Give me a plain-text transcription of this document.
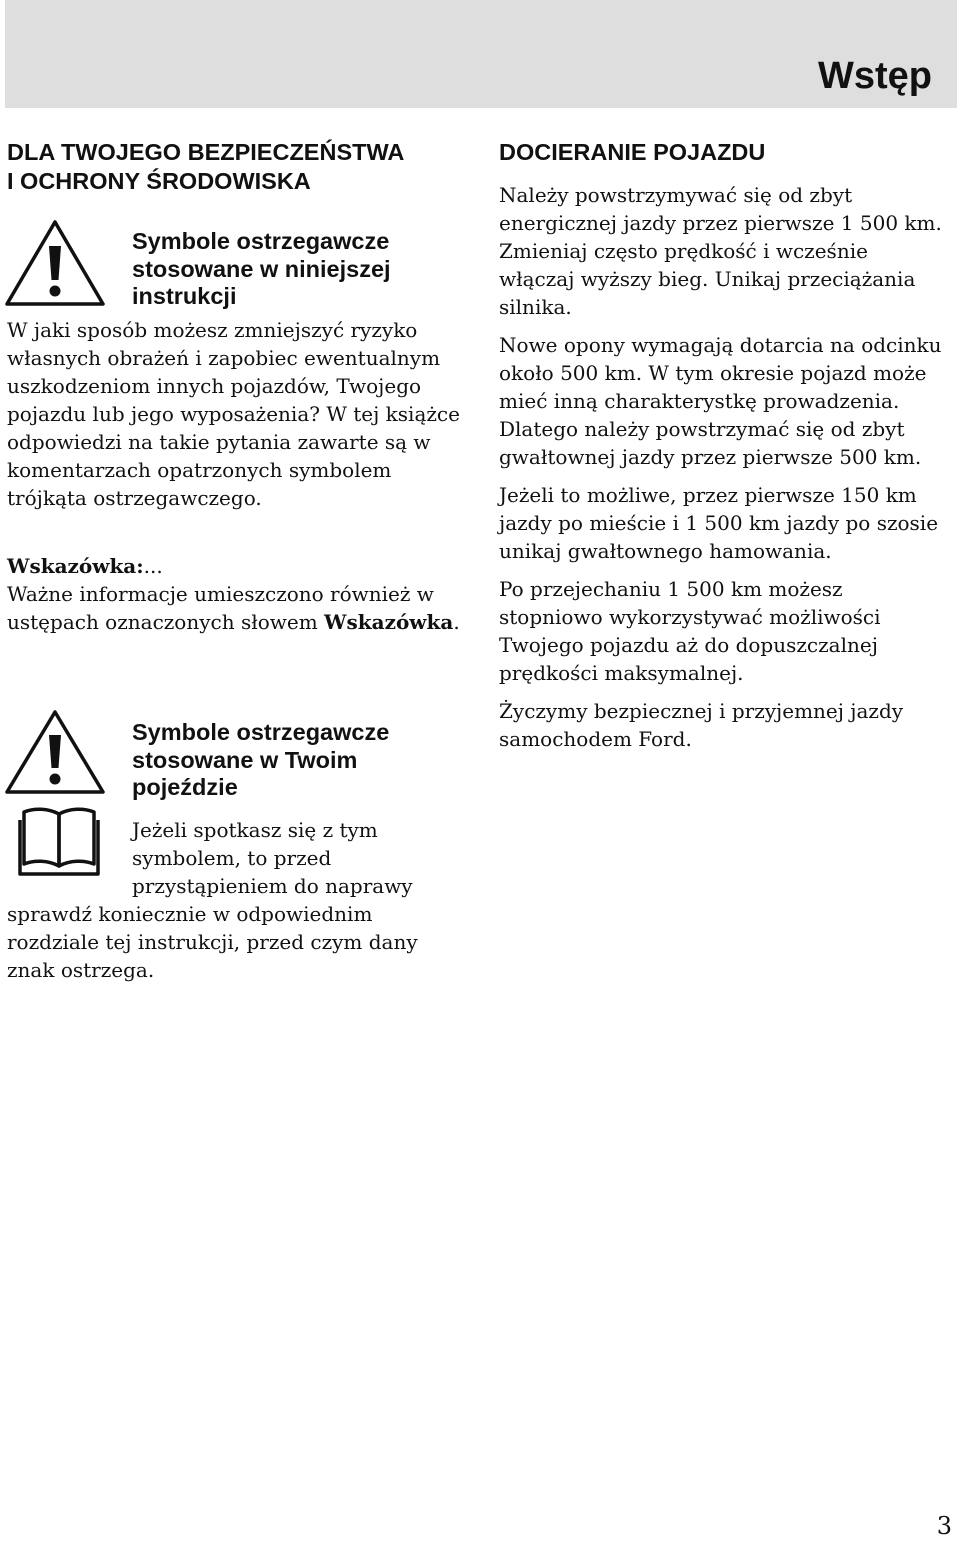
Wstęp
DLA TWOJEGO BEZPIECZEŃSTWA
I OCHRONY ŚRODOWISKA
Symbole ostrzegawcze
stosowane w niniejszej
instrukcji
W jaki sposób możesz zmniejszyć ryzyko własnych obrażeń i zapobiec ewentualnym uszkodzeniom innych pojazdów, Twojego pojazdu lub jego wyposażenia? W tej książce odpowiedzi na takie pytania zawarte są w komentarzach opatrzonych symbolem trójkąta ostrzegawczego.
Wskazówka:...
Ważne informacje umieszczono również w ustępach oznaczonych słowem Wskazówka.
Symbole ostrzegawcze
stosowane w Twoim
pojeździe
Jeżeli spotkasz się z tym
symbolem, to przed
przystąpieniem do naprawy
sprawdź koniecznie w odpowiednim rozdziale tej instrukcji, przed czym dany znak ostrzega.
DOCIERANIE POJAZDU

Należy powstrzymywać się od zbyt energicznej jazdy przez pierwsze 1 500 km. Zmieniaj często prędkość i wcześnie włączaj wyższy bieg. Unikaj przeciążania silnika.

Nowe opony wymagają dotarcia na odcinku około 500 km. W tym okresie pojazd może mieć inną charakterystkę prowadzenia. Dlatego należy powstrzymać się od zbyt gwałtownej jazdy przez pierwsze 500 km.

Jeżeli to możliwe, przez pierwsze 150 km jazdy po mieście i 1 500 km jazdy po szosie unikaj gwałtownego hamowania.

Po przejechaniu 1 500 km możesz stopniowo wykorzystywać możliwości Twojego pojazdu aż do dopuszczalnej prędkości maksymalnej.

Życzymy bezpiecznej i przyjemnej jazdy samochodem Ford.

3
